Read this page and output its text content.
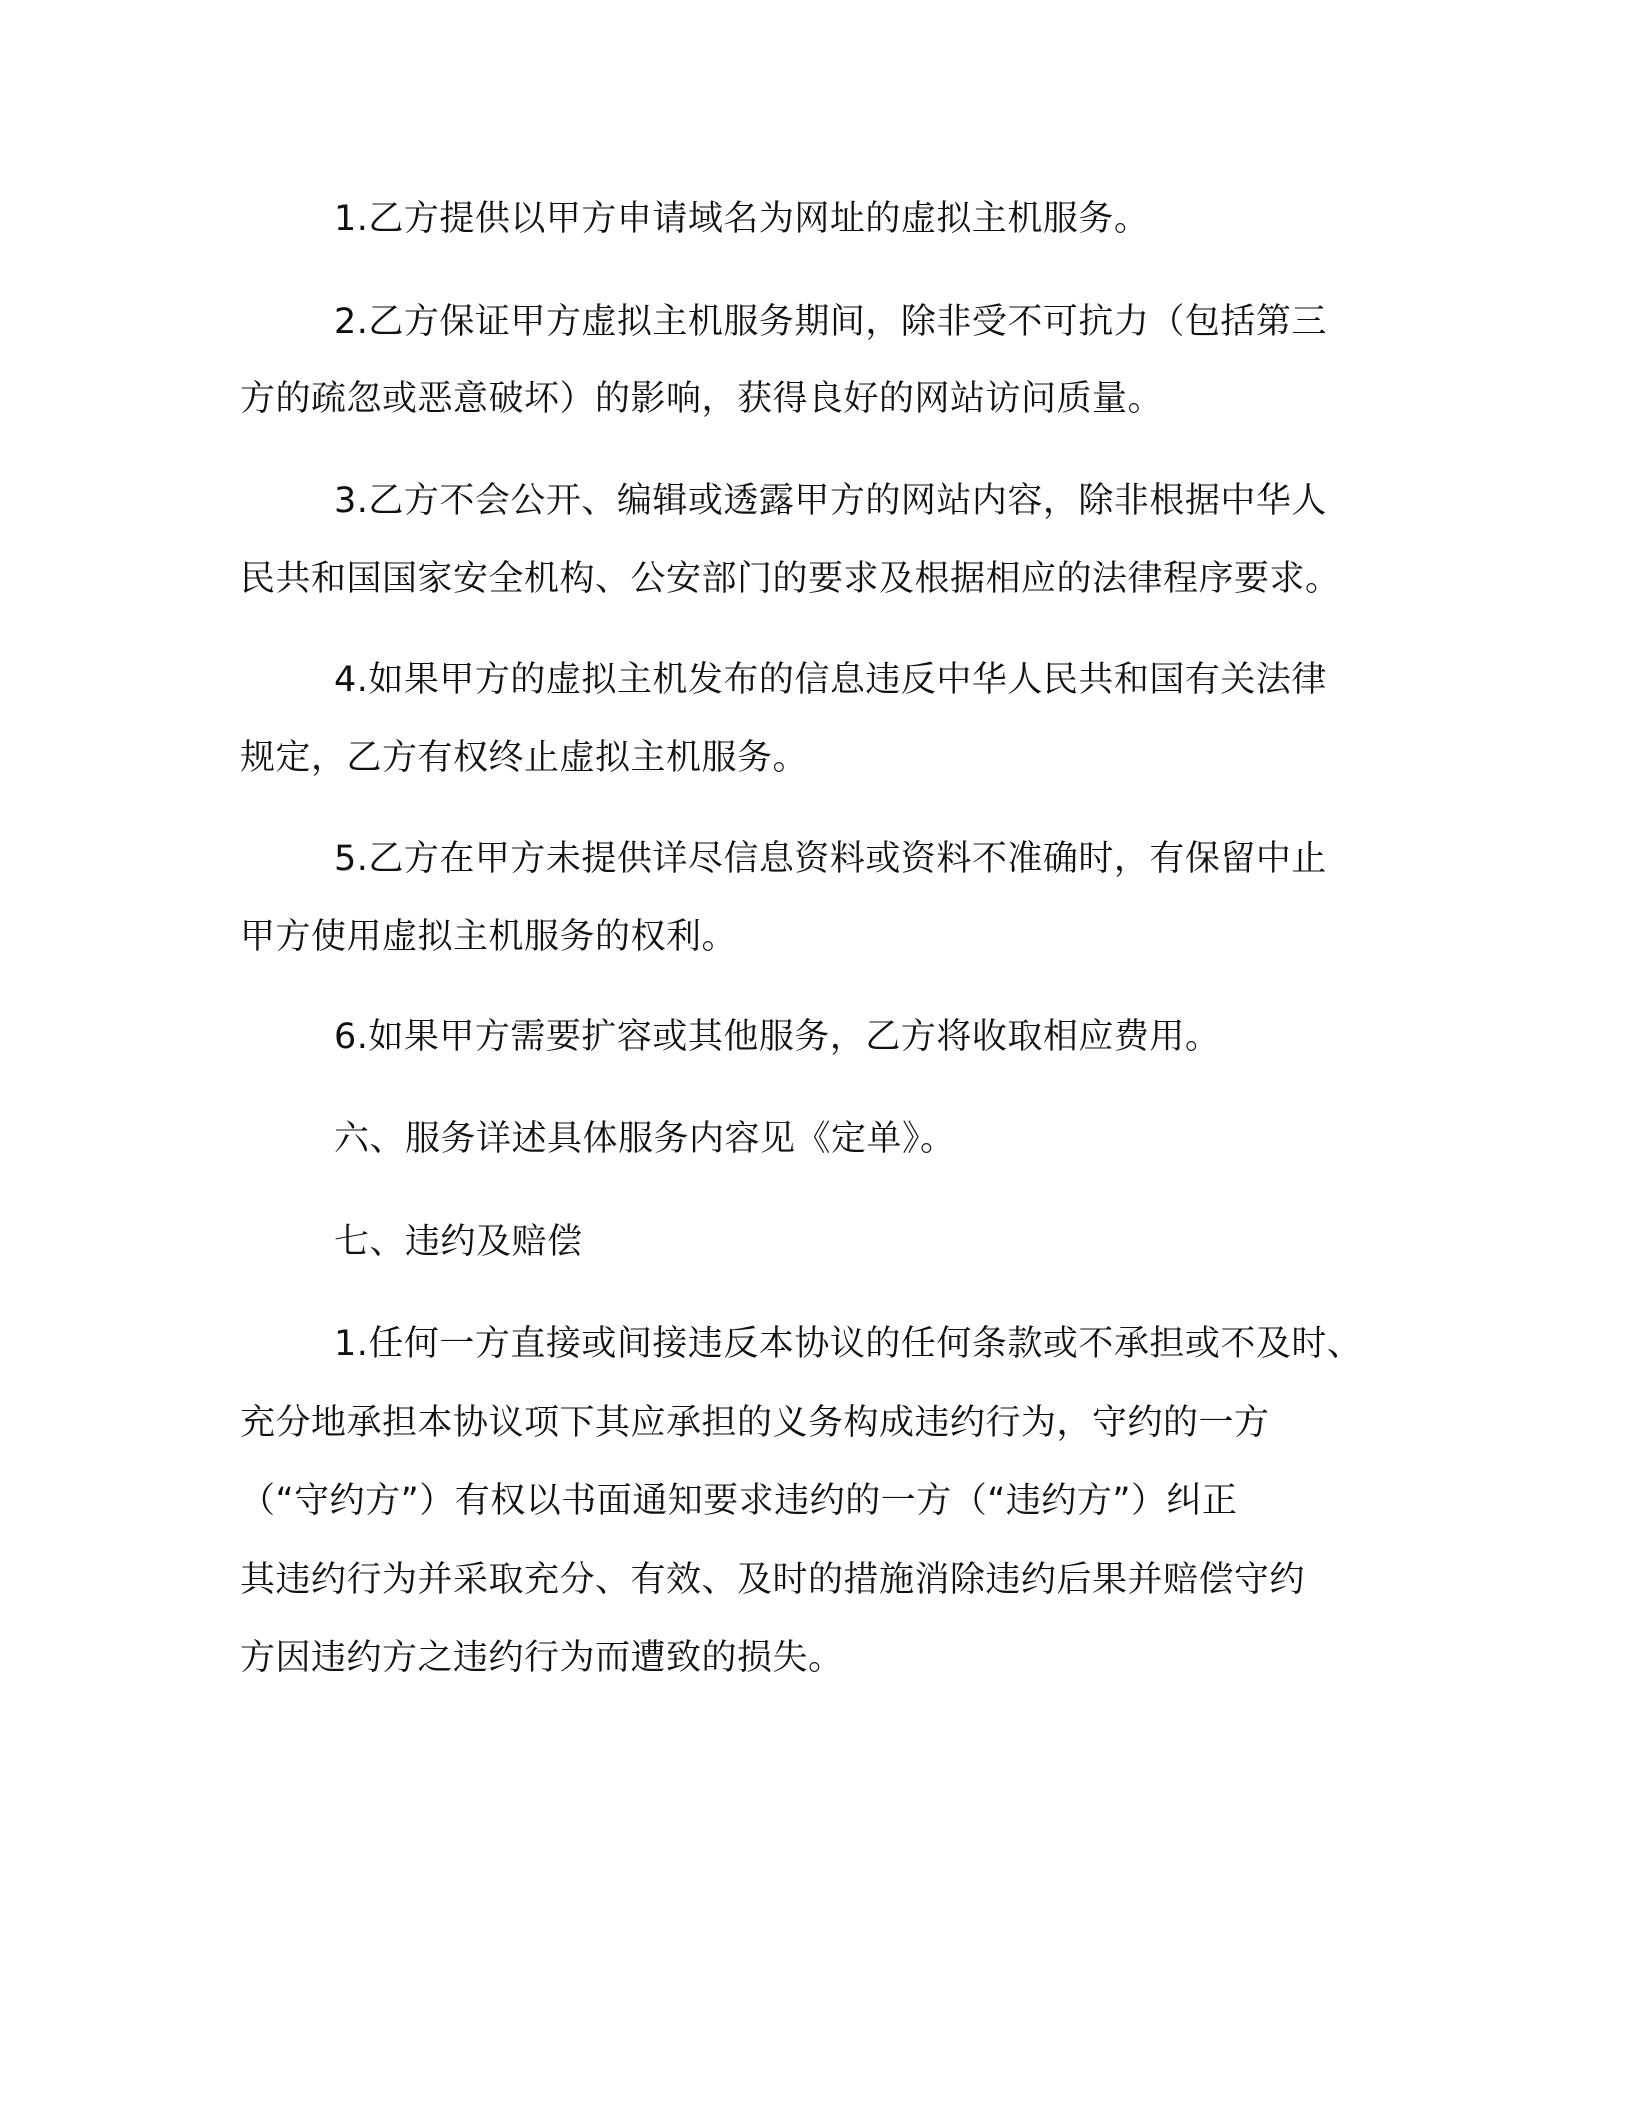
1.乙方提供以甲方申请域名为网址的虚拟主机服务。
2.乙方保证甲方虚拟主机服务期间，除非受不可抗力（包括第三
方的疏忽或恶意破坏）的影响，获得良好的网站访问质量。
3.乙方不会公开、编辑或透露甲方的网站内容，除非根据中华人
民共和国国家安全机构、公安部门的要求及根据相应的法律程序要求。
4.如果甲方的虚拟主机发布的信息违反中华人民共和国有关法律
规定，乙方有权终止虚拟主机服务。
5.乙方在甲方未提供详尽信息资料或资料不准确时，有保留中止
甲方使用虚拟主机服务的权利。
6.如果甲方需要扩容或其他服务，乙方将收取相应费用。
六、服务详述具体服务内容见《定单》。
七、违约及赔偿
1.任何一方直接或间接违反本协议的任何条款或不承担或不及时、
充分地承担本协议项下其应承担的义务构成违约行为，守约的一方
（“守约方”）有权以书面通知要求违约的一方（“违约方”）纠正
其违约行为并采取充分、有效、及时的措施消除违约后果并赔偿守约
方因违约方之违约行为而遭致的损失。
